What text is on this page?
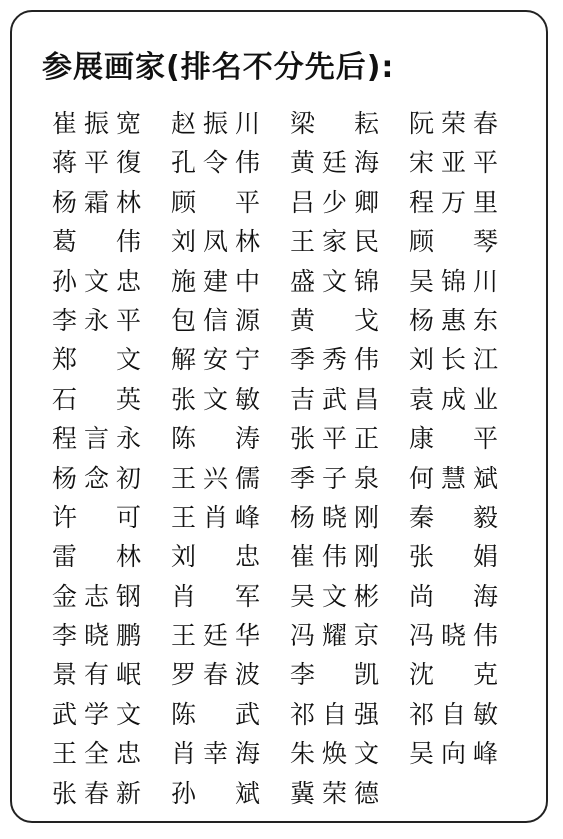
参展画家(排名不分先后):
崔 振 宽 赵 振 川 梁 耘 阮 荣 春
蒋 平 復 孔 令 伟 黄 廷 海 宋 亚 平
杨 霜 林 顾 平 吕 少 卿 程 万 里
葛 伟 刘 凤 林 王 家 民 顾 琴
孙 文 忠 施 建 中 盛 文 锦 吴 锦 川
李 永 平 包 信 源 黄 戈 杨 惠 东
郑 文 解 安 宁 季 秀 伟 刘 长 江
石 英 张 文 敏 吉 武 昌 袁 成 业
程 言 永 陈 涛 张 平 正 康 平
杨 念 初 王 兴 儒 季 子 泉 何 慧 斌
许 可 王 肖 峰 杨 晓 刚 秦 毅
雷 林 刘 忠 崔 伟 刚 张 娟
金 志 钢 肖 军 吴 文 彬 尚 海
李 晓 鹏 王 廷 华 冯 耀 京 冯 晓 伟
景 有 岷 罗 春 波 李 凯 沈 克
武 学 文 陈 武 祁 自 强 祁 自 敏
王 全 忠 肖 幸 海 朱 焕 文 吴 向 峰
张 春 新 孙 斌 冀 荣 德
